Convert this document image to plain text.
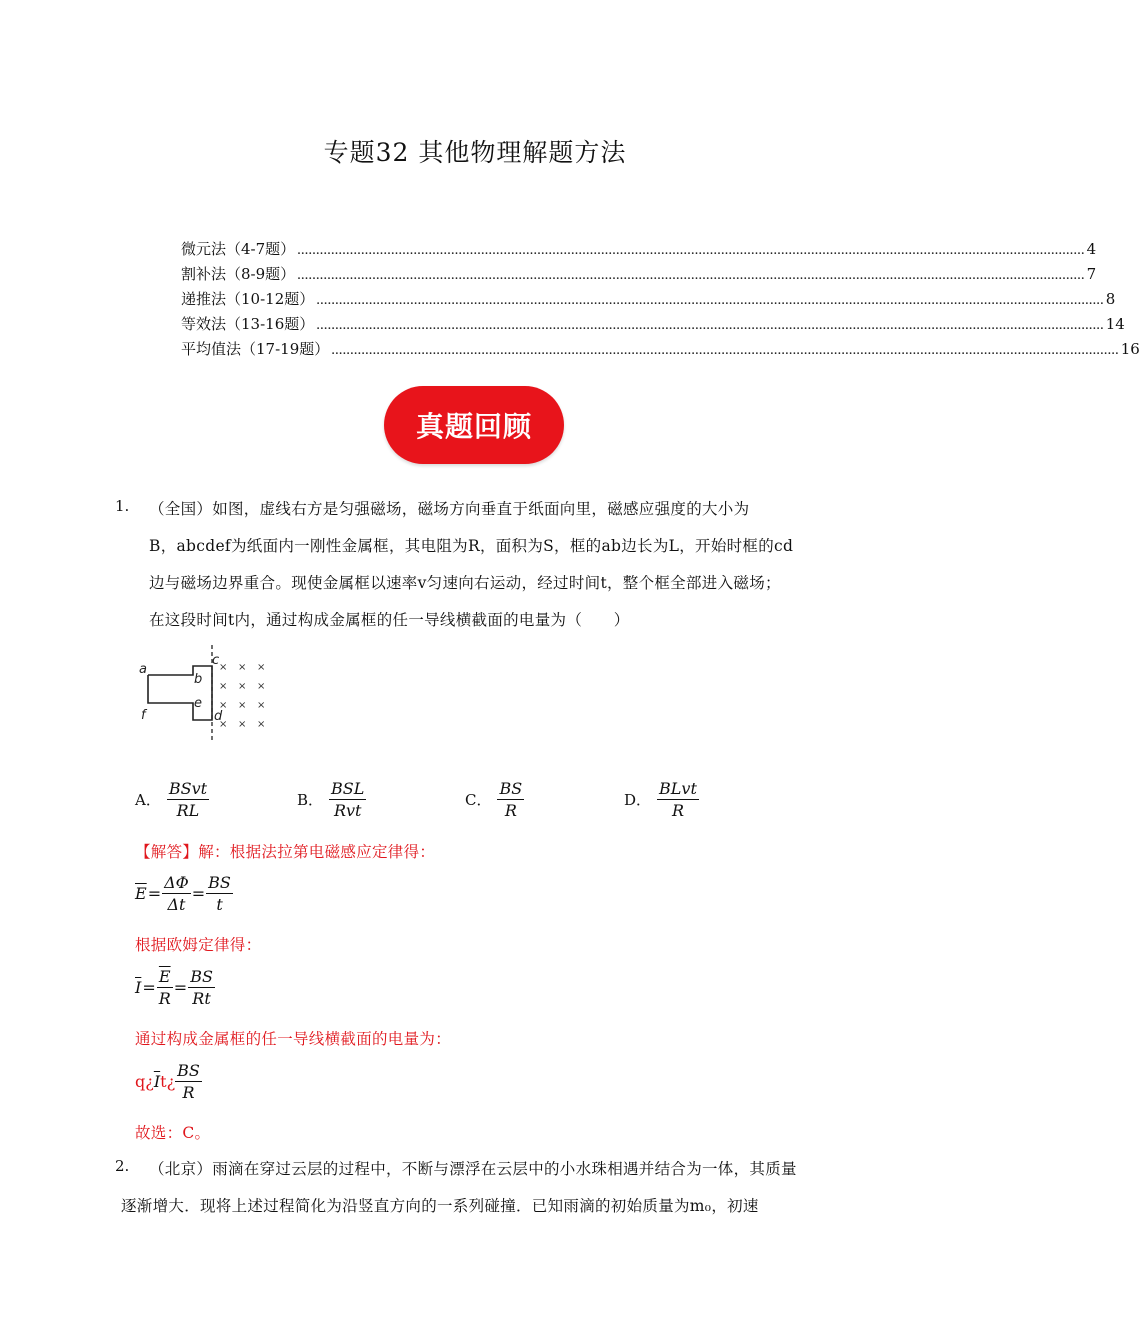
专题32 其他物理解题方法
微元法（4-7题） .................................................................................................................................................................................................................. 4
割补法（8-9题） .................................................................................................................................................................................................................. 7
递推法（10-12题） .................................................................................................................................................................................................................. 8
等效法（13-16题） .................................................................................................................................................................................................................. 14
平均值法（17-19题） .................................................................................................................................................................................................................. 16
真题回顾
1. （全国）如图，虚线右方是匀强磁场，磁场方向垂直于纸面向里，磁感应强度的大小为
B，abcdef为纸面内一刚性金属框，其电阻为R，面积为S，框的ab边长为L，开始时框的cd
边与磁场边界重合。现使金属框以速率v匀速向右运动，经过时间t，整个框全部进入磁场；
在这段时间t内，通过构成金属框的任一导线横截面的电量为（　　）
a
b
c
d
e
f
× × ×
× × ×
× × ×
× × ×
A． $\frac{\text{BSvt}}{RL}$	B． $\frac{\text{BSL}}{\text{Rvt}}$	C． $\frac{BS}{R}$	D． $\frac{\text{BLvt}}{R}$
【解答】解：根据法拉第电磁感应定律得：
$\overline{E} = \frac{\Delta\Phi}{\Delta t} = \frac{BS}{t}$
根据欧姆定律得：
$\overline{I} = \frac{\overline{E}}{R} = \frac{BS}{Rt}$
通过构成金属框的任一导线横截面的电量为：
q¿ $\overline{I}$ t¿ $\frac{BS}{R}$
故选：C。
2.	（北京）雨滴在穿过云层的过程中，不断与漂浮在云层中的小水珠相遇并结合为一体，其质量
逐渐增大．现将上述过程简化为沿竖直方向的一系列碰撞．已知雨滴的初始质量为m₀，初速
